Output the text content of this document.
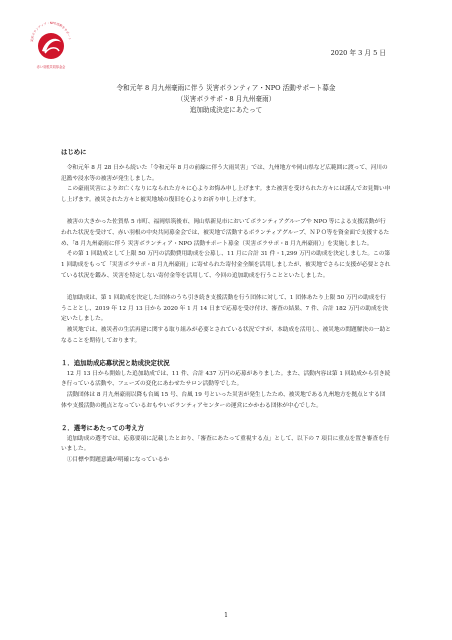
災害ボランティア・NPO活動をサポート
赤い羽根共同募金会
2020 年 3 月 5 日
令和元年 8 月九州豪雨に伴う 災害ボランティア・NPO 活動サポート募金
（災害ボラサポ・8 月九州豪雨）
追加助成決定にあたって
はじめに

令和元年 8 月 28 日から続いた「令和元年 8 月の前線に伴う大雨災害」では、九州地方や岡山県など広範囲に渡って、河川の氾濫や浸水等の被害が発生しました。

この豪雨災害によりお亡くなりになられた方々に心よりお悔み申し上げます。また被害を受けられた方々には謹んでお見舞い申し上げます。被災された方々と被災地域の復旧を心よりお祈り申し上げます。

被害の大きかった佐賀県 5 市町、福岡県筑後市、岡山県新見市においてボランティアグループや NPO 等による支援活動が行われた状況を受けて、赤い羽根の中央共同募金会では、被災地で活動するボランティアグループ、ＮＰＯ等を資金面で支援するため、「8 月九州豪雨に伴う 災害ボランティア・NPO 活動サポート募金（災害ボラサポ・8 月九州豪雨）」を実施しました。

その第 1 回助成として上限 50 万円の活動費用助成を公募し、11 月に合計 31 件・1,299 万円の助成を決定しました。この第 1 回助成をもって「災害ボラサポ・8 月九州豪雨」に寄せられた寄付金全額を活用しましたが、被災地でさらに支援が必要とされている状況を鑑み、災害を特定しない寄付金等を活用して、今回の追加助成を行うことといたしました。

追加助成は、第 1 回助成を決定した団体のうち引き続き支援活動を行う団体に対して、1 団体あたり上限 50 万円の助成を行うこととし、2019 年 12 月 13 日から 2020 年 1 月 14 日まで応募を受け付け、審査の結果、7 件、合計 182 万円の助成を決定いたしました。

被災地では、被災者の生活再建に関する取り組みが必要とされている状況ですが、本助成を活用し、被災地の問題解決の一助となることを期待しております。

１．追加助成応募状況と助成決定状況

12 月 13 日から開始した追加助成では、11 件、合計 437 万円の応募がありました。また、活動内容は第 1 回助成から引き続き行っている活動や、フェーズの変化にあわせたサロン活動等でした。

活動団体は 8 月九州豪雨以降も台風 15 号、台風 19 号といった災害が発生したため、被災地である九州地方を拠点とする団体や支援活動の拠点となっているおもやいボランティアセンターの運営にかかわる団体が中心でした。

２．選考にあたっての考え方

追加助成の選考では、応募要項に記載したとおり、「審査にあたって重視する点」として、以下の 7 項目に重点を置き審査を行いました。

①目標や問題意識が明確になっているか

1
